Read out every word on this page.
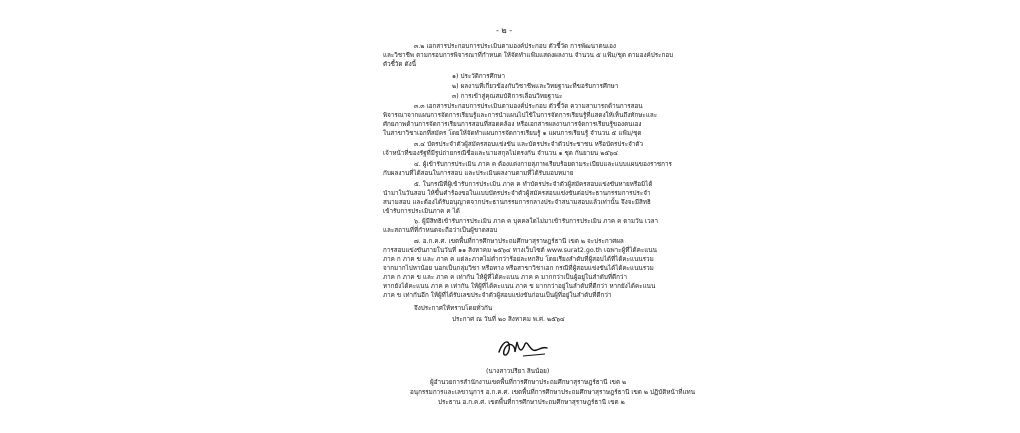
- ๒ -
๓.๒ เอกสารประกอบการประเมินตามองค์ประกอบ ตัวชี้วัด การพัฒนาตนเอง
และวิชาชีพ ตามกรอบการพิจารณาที่กำหนด ให้จัดทำแฟ้มแสดงผลงาน จำนวน ๕ แฟ้ม/ชุด ตามองค์ประกอบ
ตัวชี้วัด ดังนี้
๑) ประวัติการศึกษา
๒) ผลงานที่เกี่ยวข้องกับวิชาชีพและวิทยฐานะที่ขอรับการศึกษา
๓) การเข้าสู่คุณสมบัติการเลื่อนวิทยฐานะ
๓.๓ เอกสารประกอบการประเมินตามองค์ประกอบ ตัวชี้วัด ความสามารถด้านการสอน
พิจารณาจากแผนการจัดการเรียนรู้และการนำแผนไปใช้ในการจัดการเรียนรู้ที่แสดงให้เห็นถึงทักษะและ
ศักยภาพด้านการจัดการเรียนการสอนที่สอดคล้อง หรือเอกสารผลงานการจัดการเรียนรู้ของตนเอง
ในสาขาวิชาเอกที่สมัคร โดยให้จัดทำแผนการจัดการเรียนรู้ ๑ แผนการเรียนรู้ จำนวน ๕ แฟ้ม/ชุด
๓.๔ บัตรประจำตัวผู้สมัครสอบแข่งขัน และบัตรประจำตัวประชาชน หรือบัตรประจำตัว
เจ้าหน้าที่ของรัฐที่มีรูปถ่ายกรณีชื่อและนามสกุลไม่ตรงกัน จำนวน ๑ ชุด กันยายน ๒๕๖๔
๔. ผู้เข้ารับการประเมิน ภาค ค ต้องแต่งกายสุภาพเรียบร้อยตามระเบียบและแบบแผนของราชการ
กับผลงานที่ได้สอนในการสอบ และประเมินผลงานตามที่ได้รับมอบหมาย
๕. ในกรณีที่ผู้เข้ารับการประเมิน ภาค ค ทำบัตรประจำตัวผู้สมัครสอบแข่งขันหายหรือมิได้
นำมาในวันสอบ ให้ขึ้นคำร้องขอในแบบบัตรประจำตัวผู้สมัครสอบแข่งขันต่อประธานกรรมการประจำ
สนามสอบ และต้องได้รับอนุญาตจากประธานกรรมการกลางประจำสนามสอบแล้วเท่านั้น จึงจะมีสิทธิ
เข้ารับการประเมินภาค ค ได้
๖. ผู้มีสิทธิเข้ารับการประเมิน ภาค ค บุคคลใดไม่มาเข้ารับการประเมิน ภาค ค ตามวัน เวลา
และสถานที่ที่กำหนดจะถือว่าเป็นผู้ขาดสอบ
๗. อ.ก.ค.ศ. เขตพื้นที่การศึกษาประถมศึกษาสุราษฎร์ธานี เขต ๒ จะประกาศผล
การสอบแข่งขันภายในวันที่ ๑๑ สิงหาคม ๒๕๖๔ ทางเว็บไซต์ www.surat2.go.th เฉพาะผู้ที่ได้คะแนน
ภาค ก ภาค ข และ ภาค ค แต่ละภาคไม่ต่ำกว่าร้อยละหกสิบ โดยเรียงลำดับที่ผู้สอบได้ที่ได้คะแนนรวม
จากมากไปหาน้อย นอกเป็นกลุ่มวิชา หรือทาง หรือสาขาวิชาเอก กรณีที่ผู้สอบแข่งขันได้ได้คะแนนรวม
ภาค ก ภาค ข และ ภาค ค เท่ากัน ให้ผู้ที่ได้คะแนน ภาค ค มากกว่าเป็นผู้อยู่ในลำดับที่ดีกว่า
หากยังได้คะแนน ภาค ค เท่ากัน ให้ผู้ที่ได้คะแนน ภาค ข มากกว่าอยู่ในลำดับที่ดีกว่า หากยังได้คะแนน
ภาค ข เท่ากันอีก ให้ผู้ที่ได้รับเลขประจำตัวผู้สอบแข่งขันก่อนเป็นผู้ที่อยู่ในลำดับที่ดีกว่า
จึงประกาศให้ทราบโดยทั่วกัน
ประกาศ ณ วันที่ ๒๐ สิงหาคม พ.ศ. ๒๕๖๔
(นางสาวปรียา สินน้อย)
ผู้อำนวยการสำนักงานเขตพื้นที่การศึกษาประถมศึกษาสุราษฎร์ธานี เขต ๒
อนุกรรมการและเลขานุการ อ.ก.ค.ศ. เขตพื้นที่การศึกษาประถมศึกษาสุราษฎร์ธานี เขต ๒ ปฏิบัติหน้าที่แทน
ประธาน อ.ก.ค.ศ. เขตพื้นที่การศึกษาประถมศึกษาสุราษฎร์ธานี เขต ๒
